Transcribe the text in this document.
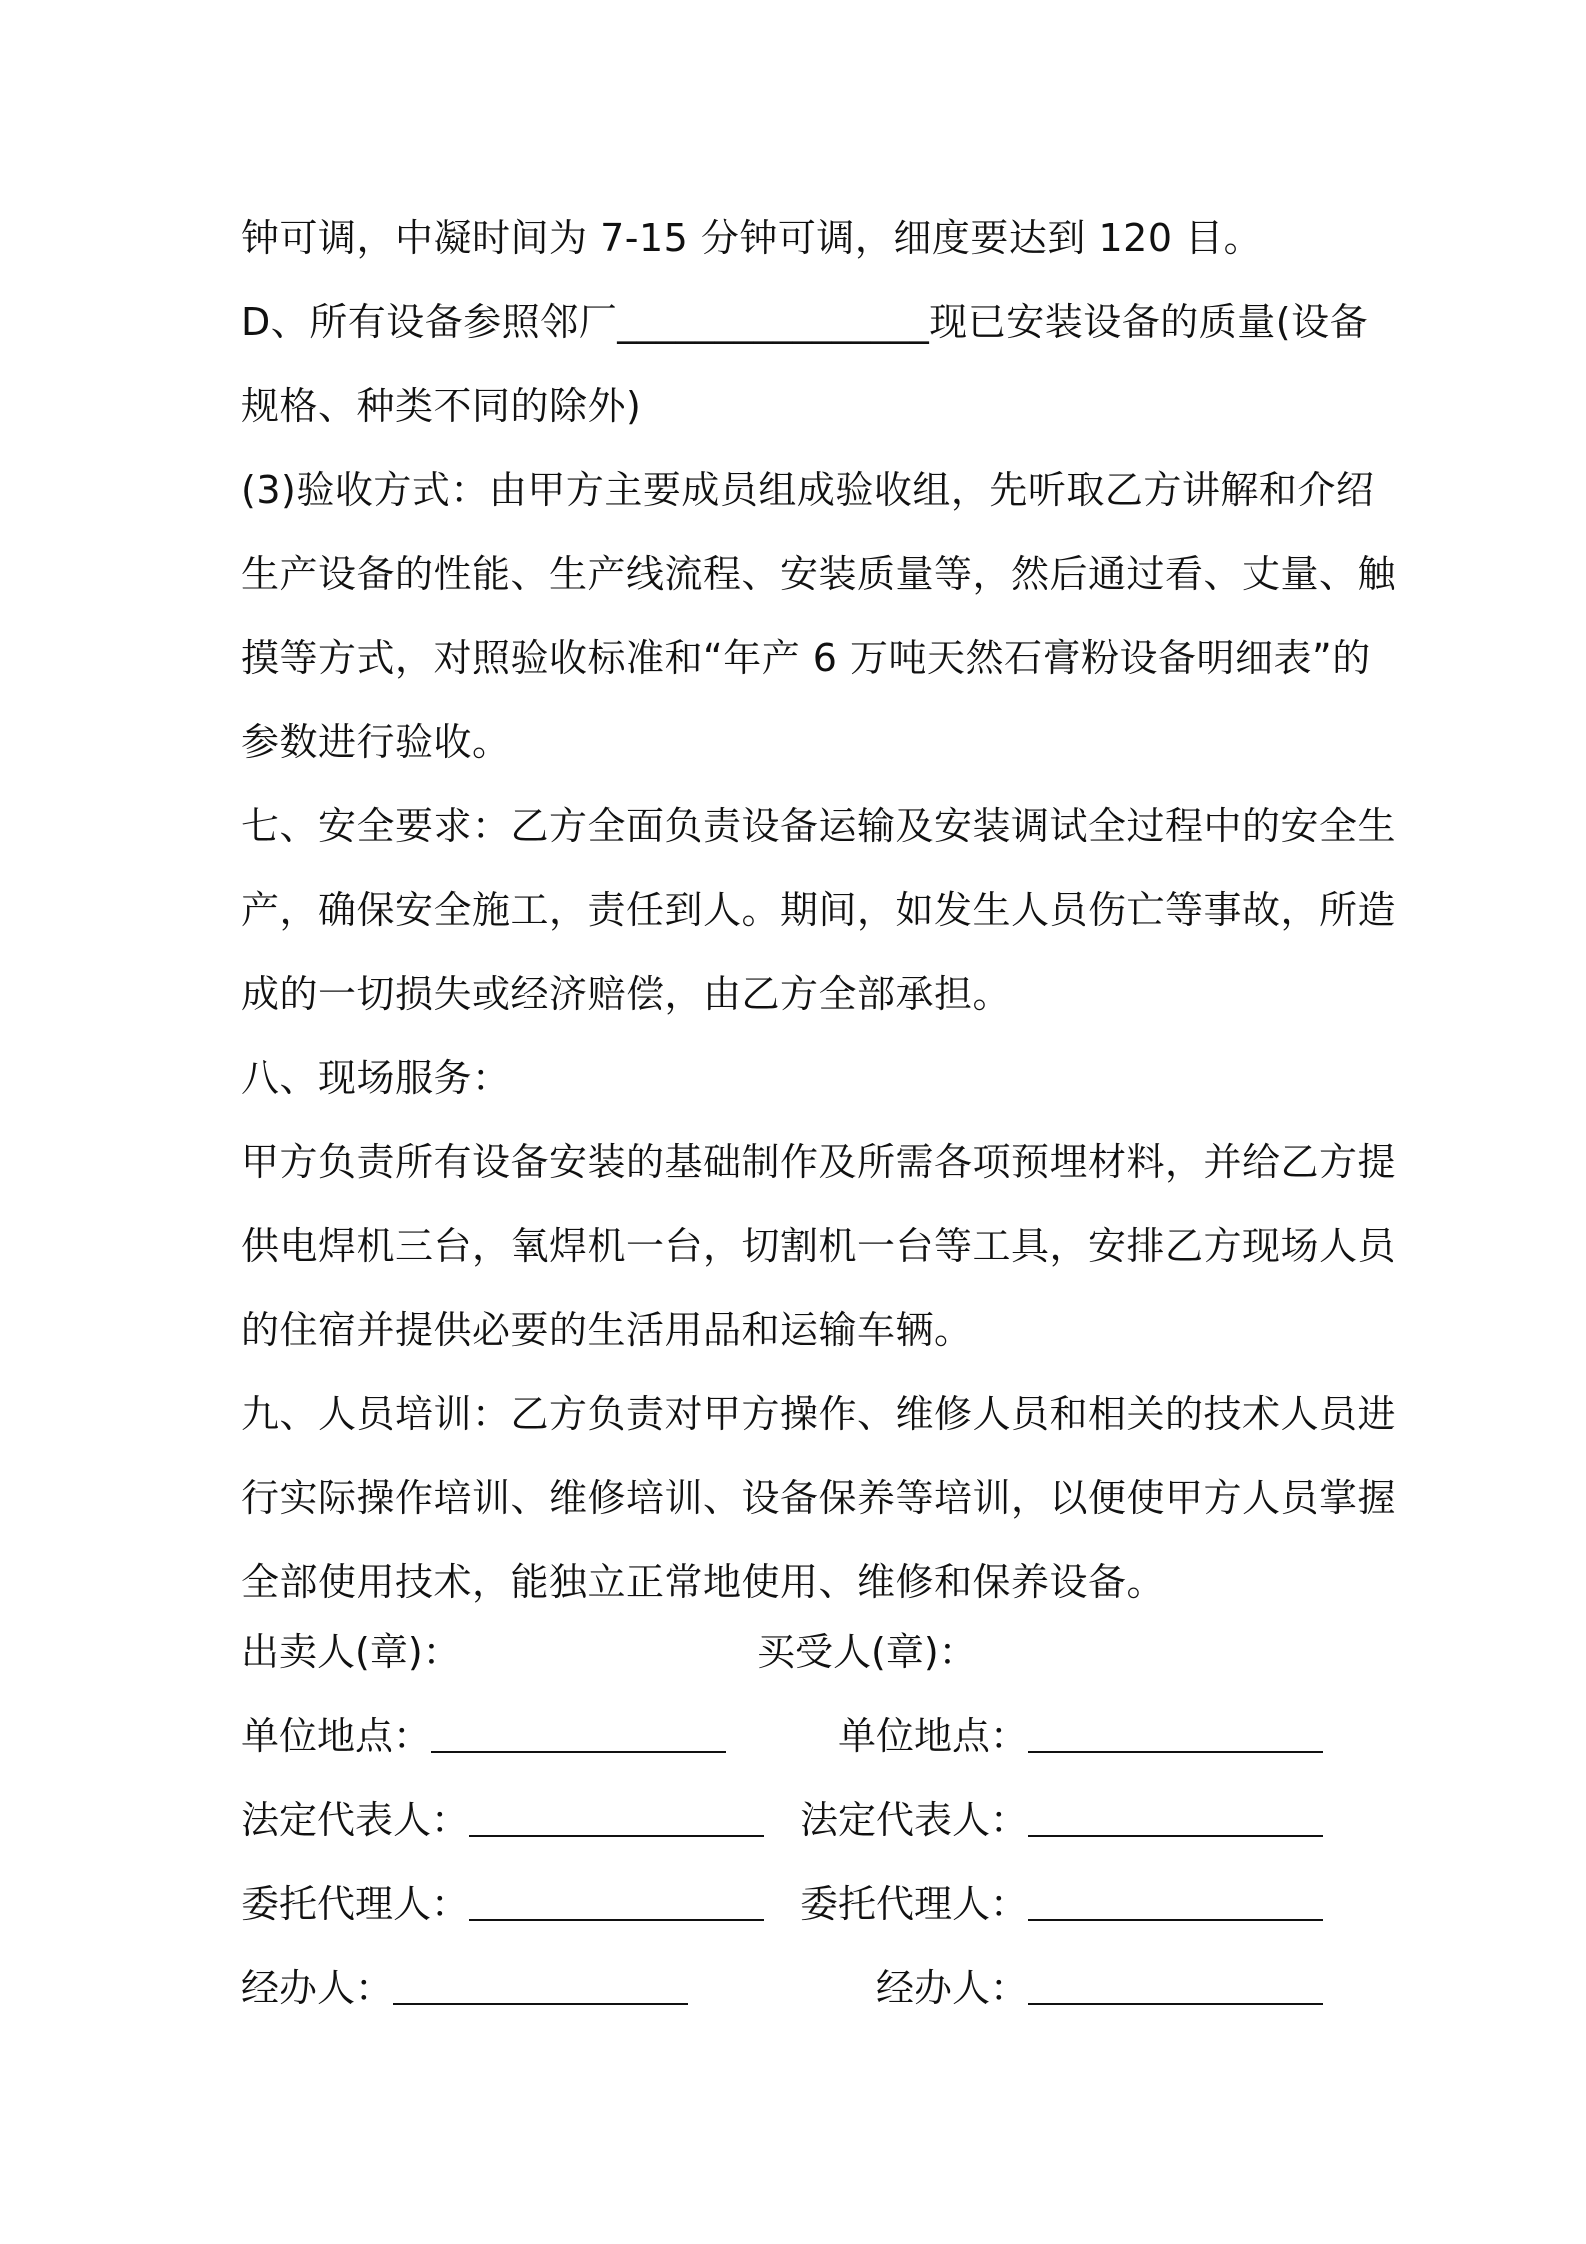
钟可调，中凝时间为 7-15 分钟可调，细度要达到 120 目。
D、所有设备参照邻厂________________现已安装设备的质量(设备
规格、种类不同的除外)
(3)验收方式：由甲方主要成员组成验收组，先听取乙方讲解和介绍
生产设备的性能、生产线流程、安装质量等，然后通过看、丈量、触
摸等方式，对照验收标准和“年产 6 万吨天然石膏粉设备明细表”的
参数进行验收。
七、安全要求：乙方全面负责设备运输及安装调试全过程中的安全生
产，确保安全施工，责任到人。期间，如发生人员伤亡等事故，所造
成的一切损失或经济赔偿，由乙方全部承担。
八、现场服务：
甲方负责所有设备安装的基础制作及所需各项预埋材料，并给乙方提
供电焊机三台，氧焊机一台，切割机一台等工具，安排乙方现场人员
的住宿并提供必要的生活用品和运输车辆。
九、人员培训：乙方负责对甲方操作、维修人员和相关的技术人员进
行实际操作培训、维修培训、设备保养等培训，以便使甲方人员掌握
全部使用技术，能独立正常地使用、维修和保养设备。
出卖人(章)：	买受人(章)：
单位地点：	单位地点：
法定代表人：	法定代表人：
委托代理人：	委托代理人：
经办人：	经办人：
